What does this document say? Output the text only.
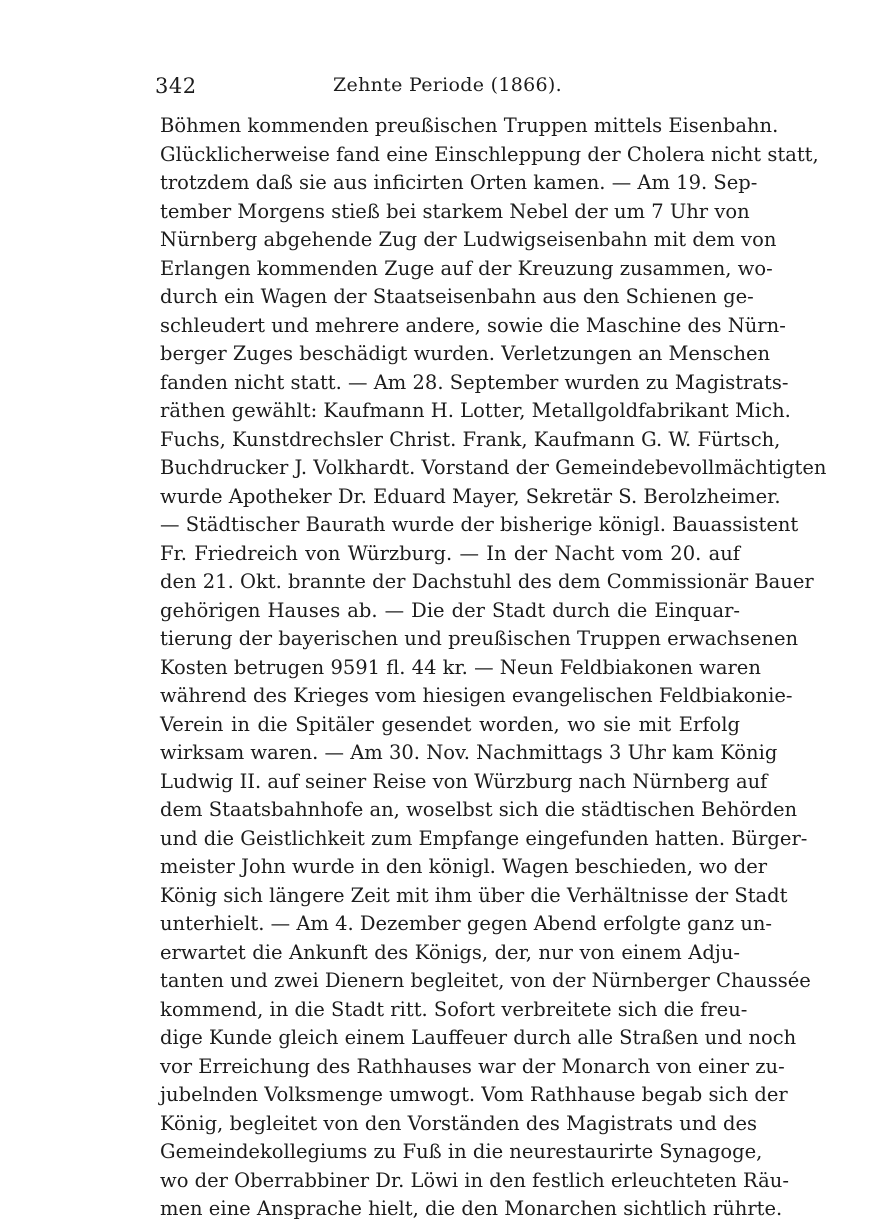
342	Zehnte Periode (1866).
Böhmen kommenden preußischen Truppen mittels Eisenbahn.
Glücklicherweise fand eine Einschleppung der Cholera nicht statt,
trotzdem daß sie aus inficirten Orten kamen. — Am 19. Sep-
tember Morgens stieß bei starkem Nebel der um 7 Uhr von
Nürnberg abgehende Zug der Ludwigseisenbahn mit dem von
Erlangen kommenden Zuge auf der Kreuzung zusammen, wo-
durch ein Wagen der Staatseisenbahn aus den Schienen ge-
schleudert und mehrere andere, sowie die Maschine des Nürn-
berger Zuges beschädigt wurden. Verletzungen an Menschen
fanden nicht statt. — Am 28. September wurden zu Magistrats-
räthen gewählt: Kaufmann H. Lotter, Metallgoldfabrikant Mich.
Fuchs, Kunstdrechsler Christ. Frank, Kaufmann G. W. Fürtsch,
Buchdrucker J. Volkhardt. Vorstand der Gemeindebevollmächtigten
wurde Apotheker Dr. Eduard Mayer, Sekretär S. Berolzheimer.
— Städtischer Baurath wurde der bisherige königl. Bauassistent
Fr. Friedreich von Würzburg. — In der Nacht vom 20. auf
den 21. Okt. brannte der Dachstuhl des dem Commissionär Bauer
gehörigen Hauses ab. — Die der Stadt durch die Einquar-
tierung der bayerischen und preußischen Truppen erwachsenen
Kosten betrugen 9591 fl. 44 kr. — Neun Feldbiakonen waren
während des Krieges vom hiesigen evangelischen Feldbiakonie-
Verein in die Spitäler gesendet worden, wo sie mit Erfolg
wirksam waren. — Am 30. Nov. Nachmittags 3 Uhr kam König
Ludwig II. auf seiner Reise von Würzburg nach Nürnberg auf
dem Staatsbahnhofe an, woselbst sich die städtischen Behörden
und die Geistlichkeit zum Empfange eingefunden hatten. Bürger-
meister John wurde in den königl. Wagen beschieden, wo der
König sich längere Zeit mit ihm über die Verhältnisse der Stadt
unterhielt. — Am 4. Dezember gegen Abend erfolgte ganz un-
erwartet die Ankunft des Königs, der, nur von einem Adju-
tanten und zwei Dienern begleitet, von der Nürnberger Chaussée
kommend, in die Stadt ritt. Sofort verbreitete sich die freu-
dige Kunde gleich einem Lauffeuer durch alle Straßen und noch
vor Erreichung des Rathhauses war der Monarch von einer zu-
jubelnden Volksmenge umwogt. Vom Rathhause begab sich der
König, begleitet von den Vorständen des Magistrats und des
Gemeindekollegiums zu Fuß in die neurestaurirte Synagoge,
wo der Oberrabbiner Dr. Löwi in den festlich erleuchteten Räu-
men eine Ansprache hielt, die den Monarchen sichtlich rührte.
